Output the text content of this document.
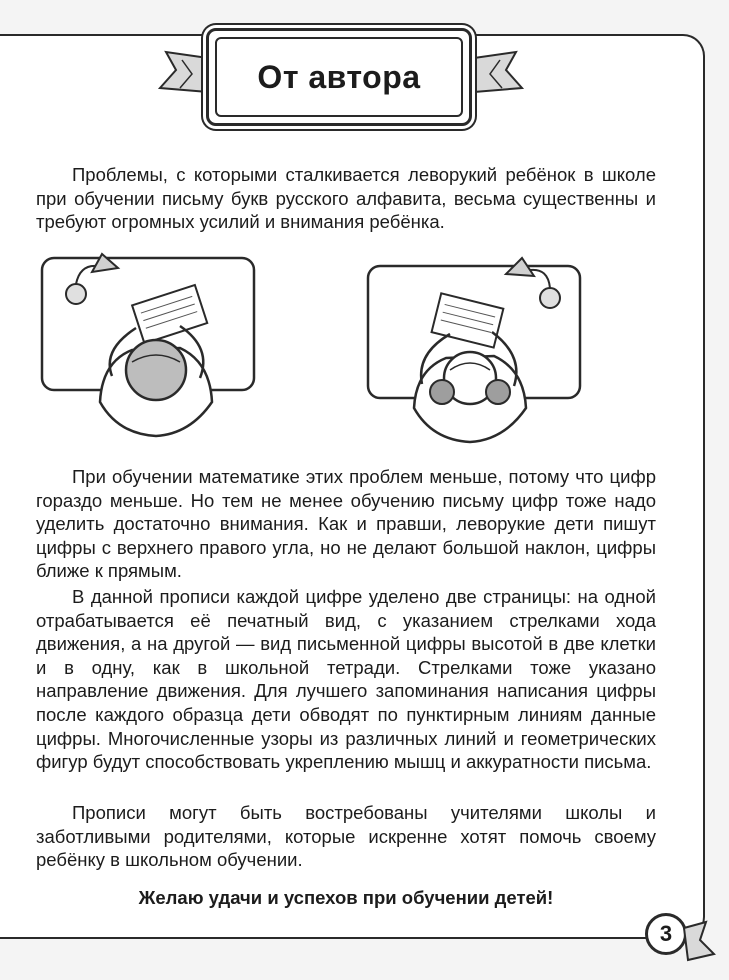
От автора

Проблемы, с которыми сталкивается леворукий ребёнок в школе при обучении письму букв русского алфавита, весьма существенны и требуют огромных усилий и внимания ребёнка.

При обучении математике этих проблем меньше, потому что цифр гораздо меньше. Но тем не менее обучению письму цифр тоже надо уделить достаточно внимания. Как и правши, леворукие дети пишут цифры с верхнего правого угла, но не делают большой наклон, цифры ближе к прямым.

В данной прописи каждой цифре уделено две страницы: на одной отрабатывается её печатный вид, с указанием стрелками хода движения, а на другой — вид письменной цифры высотой в две клетки и в одну, как в школьной тетради. Стрелками тоже указано направление движения. Для лучшего запоминания написания цифры после каждого образца дети обводят по пунктирным линиям данные цифры. Многочисленные узоры из различных линий и геометрических фигур будут способствовать укреплению мышц и аккуратности письма.

Прописи могут быть востребованы учителями школы и заботливыми родителями, которые искренне хотят помочь своему ребёнку в школьном обучении.

Желаю удачи и успехов при обучении детей!
3
